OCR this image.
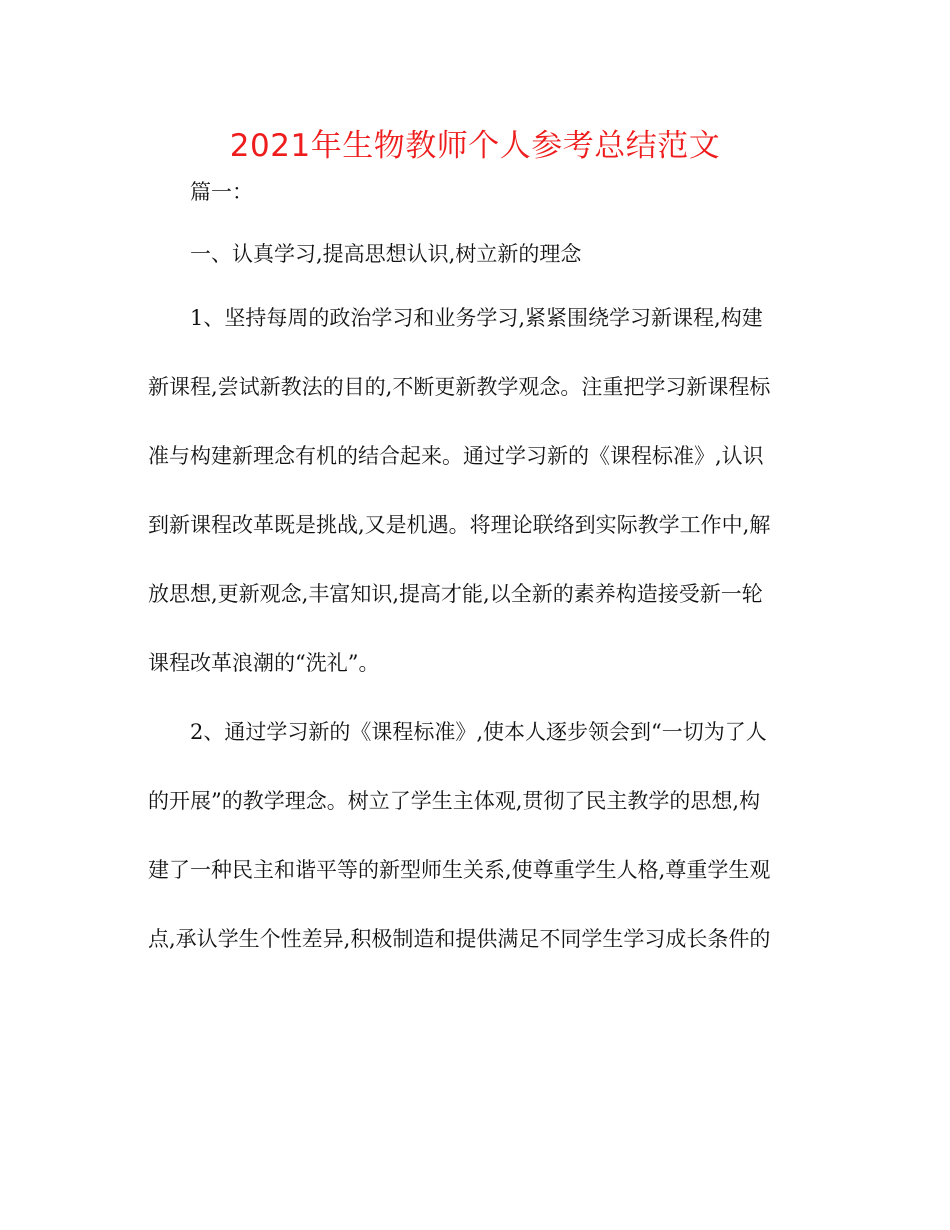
2021年生物教师个人参考总结范文
篇一：
一、认真学习,提高思想认识,树立新的理念
1、坚持每周的政治学习和业务学习,紧紧围绕学习新课程,构建
新课程,尝试新教法的目的,不断更新教学观念。注重把学习新课程标
准与构建新理念有机的结合起来。通过学习新的《课程标准》,认识
到新课程改革既是挑战,又是机遇。将理论联络到实际教学工作中,解
放思想,更新观念,丰富知识,提高才能,以全新的素养构造接受新一轮
课程改革浪潮的“洗礼”。
2、通过学习新的《课程标准》,使本人逐步领会到“一切为了人
的开展”的教学理念。树立了学生主体观,贯彻了民主教学的思想,构
建了一种民主和谐平等的新型师生关系,使尊重学生人格,尊重学生观
点,承认学生个性差异,积极制造和提供满足不同学生学习成长条件的
